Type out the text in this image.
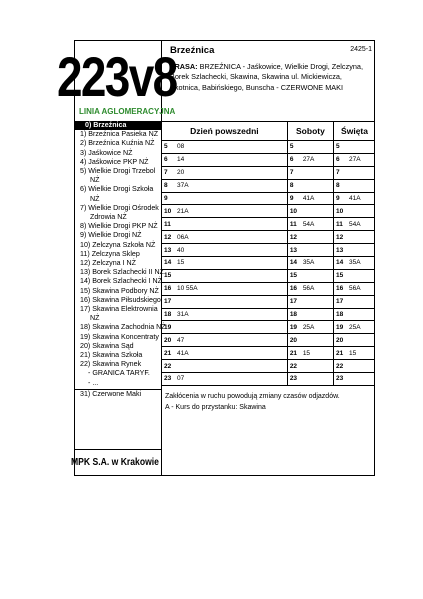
223v8
LINIA AGLOMERACYJNA
0) Brzeźnica
1) Brzeźnica Pasieka NŻ
2) Brzeźnica Kuźnia NŻ
3) Jaśkowice NŻ
4) Jaśkowice PKP NŻ
5) Wielkie Drogi Trzebol
NŻ
6) Wielkie Drogi Szkoła
NŻ
7) Wielkie Drogi Ośrodek
Zdrowia NŻ
8) Wielkie Drogi PKP NŻ
9) Wielkie Drogi NŻ
10) Zelczyna Szkoła NŻ
11) Zelczyna Sklep
12) Zelczyna I NŻ
13) Borek Szlachecki II NŻ
14) Borek Szlachecki I NŻ
15) Skawina Podbory NŻ
16) Skawina Piłsudskiego
17) Skawina Elektrownia
NŻ
18) Skawina Zachodnia NŻ
19) Skawina Koncentraty
20) Skawina Sąd
21) Skawina Szkoła
22) Skawina Rynek
- GRANICA TARYF.
- ...
31) Czerwone Maki
MPK S.A. w Krakowie
Brzeźnica	2425-1
TRASA: BRZEŹNICA - Jaśkowice, Wielkie Drogi, Zelczyna,
Borek Szlachecki, Skawina, Skawina ul. Mickiewicza,
Skotnica, Babińskiego, Bunscha - CZERWONE MAKI
Dzień powszedni		Soboty		Święta	
5	08	5		5	
6	14	6	27A	6	27A
7	20	7		7	
8	37A	8		8	
9		9	41A	9	41A
10	21A	10		10	
11		11	54A	11	54A
12	06A	12		12	
13	40	13		13	
14	15	14	35A	14	35A
15		15		15	
16	10 55A	16	56A	16	56A
17		17		17	
18	31A	18		18	
19		19	25A	19	25A
20	47	20		20	
21	41A	21	15	21	15
22		22		22	
23	07	23		23	
Zakłócenia w ruchu powodują zmiany czasów odjazdów.
A - Kurs do przystanku: Skawina
